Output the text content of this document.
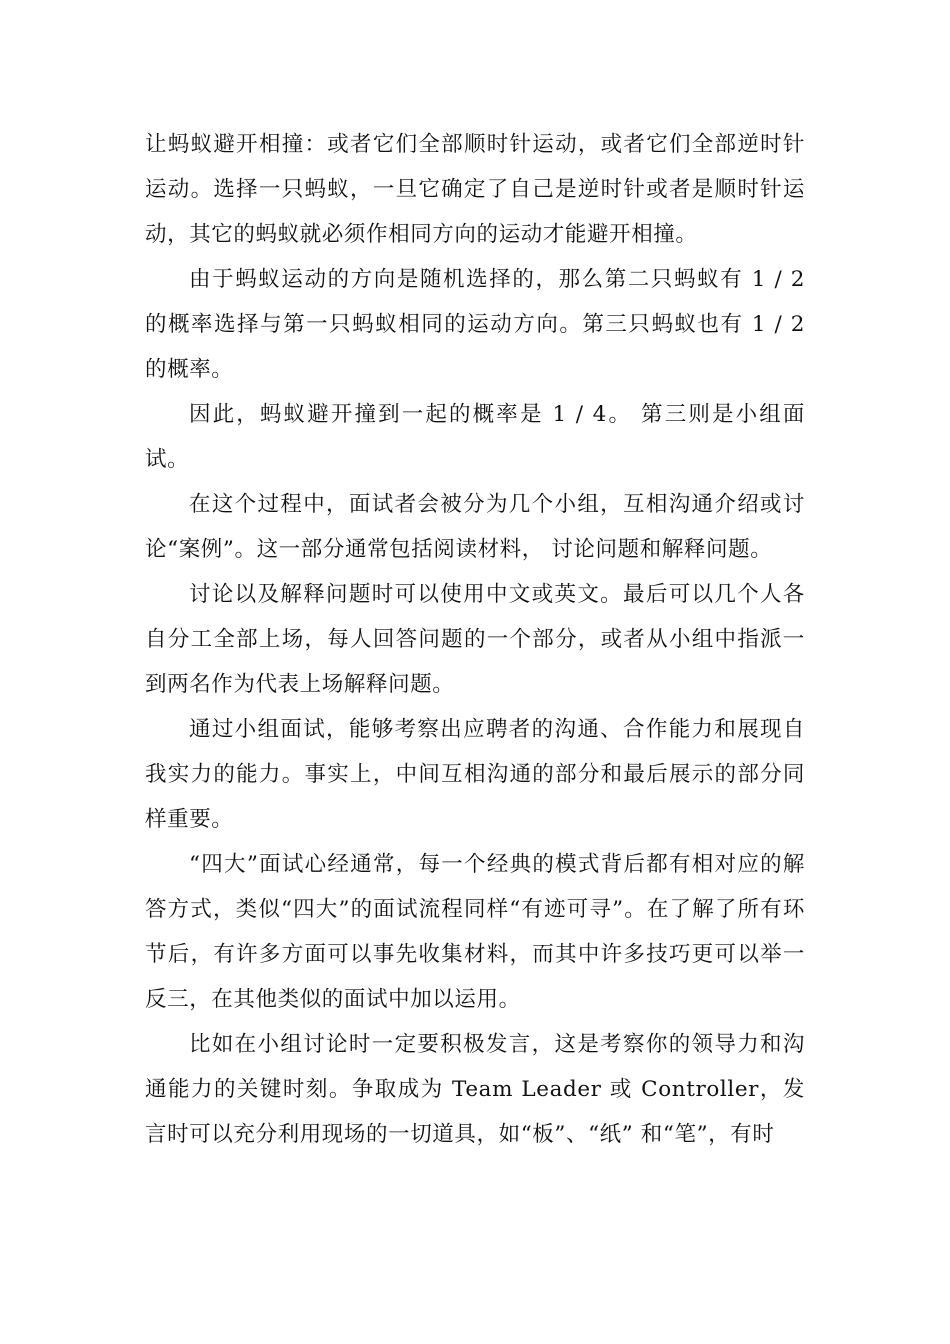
让蚂蚁避开相撞：或者它们全部顺时针运动，或者它们全部逆时针运动。选择一只蚂蚁，一旦它确定了自己是逆时针或者是顺时针运动，其它的蚂蚁就必须作相同方向的运动才能避开相撞。

由于蚂蚁运动的方向是随机选择的，那么第二只蚂蚁有 1 / 2 的概率选择与第一只蚂蚁相同的运动方向。第三只蚂蚁也有 1 / 2 的概率。

因此，蚂蚁避开撞到一起的概率是 1 / 4。 第三则是小组面试。

在这个过程中，面试者会被分为几个小组，互相沟通介绍或讨论“案例”。这一部分通常包括阅读材料， 讨论问题和解释问题。

讨论以及解释问题时可以使用中文或英文。最后可以几个人各自分工全部上场，每人回答问题的一个部分，或者从小组中指派一到两名作为代表上场解释问题。

通过小组面试，能够考察出应聘者的沟通、合作能力和展现自我实力的能力。事实上，中间互相沟通的部分和最后展示的部分同样重要。

“四大”面试心经通常，每一个经典的模式背后都有相对应的解答方式，类似“四大”的面试流程同样“有迹可寻”。在了解了所有环节后，有许多方面可以事先收集材料，而其中许多技巧更可以举一反三，在其他类似的面试中加以运用。

比如在小组讨论时一定要积极发言，这是考察你的领导力和沟通能力的关键时刻。争取成为 Team Leader 或 Controller，发言时可以充分利用现场的一切道具，如“板”、“纸” 和“笔”，有时
